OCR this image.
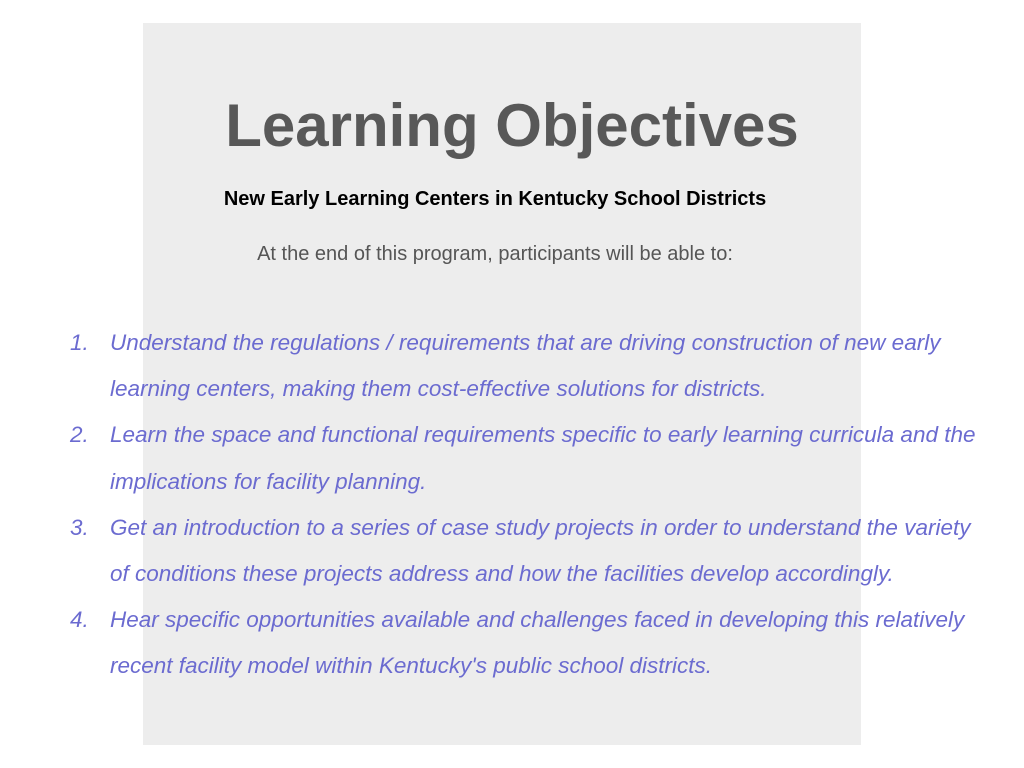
Learning Objectives
New Early Learning Centers in Kentucky School Districts
At the end of this program, participants will be able to:
1. Understand the regulations / requirements that are driving construction of new early learning centers, making them cost-effective solutions for districts.
2. Learn the space and functional requirements specific to early learning curricula and the implications for facility planning.
3. Get an introduction to a series of case study projects in order to understand the variety of conditions these projects address and how the facilities develop accordingly.
4. Hear specific opportunities available and challenges faced in developing this relatively recent facility model within Kentucky's public school districts.
